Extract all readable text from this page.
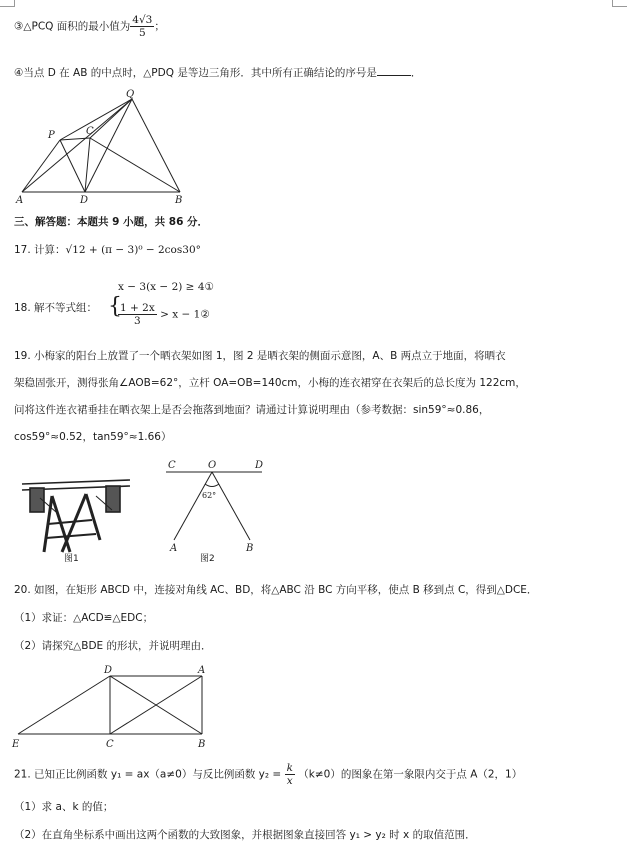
③△PCQ 面积的最小值为 $\frac{4√3}{5}$ ；
④当点 D 在 AB 的中点时，△PDQ 是等边三角形．其中所有正确结论的序号是	．
Q
P	C
A	D	B
三、解答题：本题共 9 小题，共 86 分．
17. 计算：√12 + (π − 3)⁰ − 2cos30°
18. 解不等式组： {
x − 3(x − 2) ≥ 4①
$\frac{1 + 2x}{3} > x$ − 1②
19. 小梅家的阳台上放置了一个晒衣架如图 1，图 2 是晒衣架的侧面示意图，A、B 两点立于地面，将晒衣
架稳固张开，测得张角∠AOB=62°，立杆 OA=OB=140cm，小梅的连衣裙穿在衣架后的总长度为 122cm，
问将这件连衣裙垂挂在晒衣架上是否会拖落到地面？请通过计算说明理由（参考数据：sin59°≈0.86，
cos59°≈0.52，tan59°≈1.66）
图1
C	O	D
62°
A	B
图2
20. 如图，在矩形 ABCD 中，连接对角线 AC、BD，将△ABC 沿 BC 方向平移，使点 B 移到点 C，得到△DCE．
（1）求证：△ACD≌△EDC；
（2）请探究△BDE 的形状，并说明理由．
D	A
E	C	B
21. 已知正比例函数 y₁ = ax（a≠0）与反比例函数 $y_2 = \frac{k}{x} (k\ne 0)$的图象在第一象限内交于点 A（2，1）
（1）求 a、k 的值；
（2）在直角坐标系中画出这两个函数的大致图象，并根据图象直接回答 y₁ > y₂ 时 x 的取值范围．
